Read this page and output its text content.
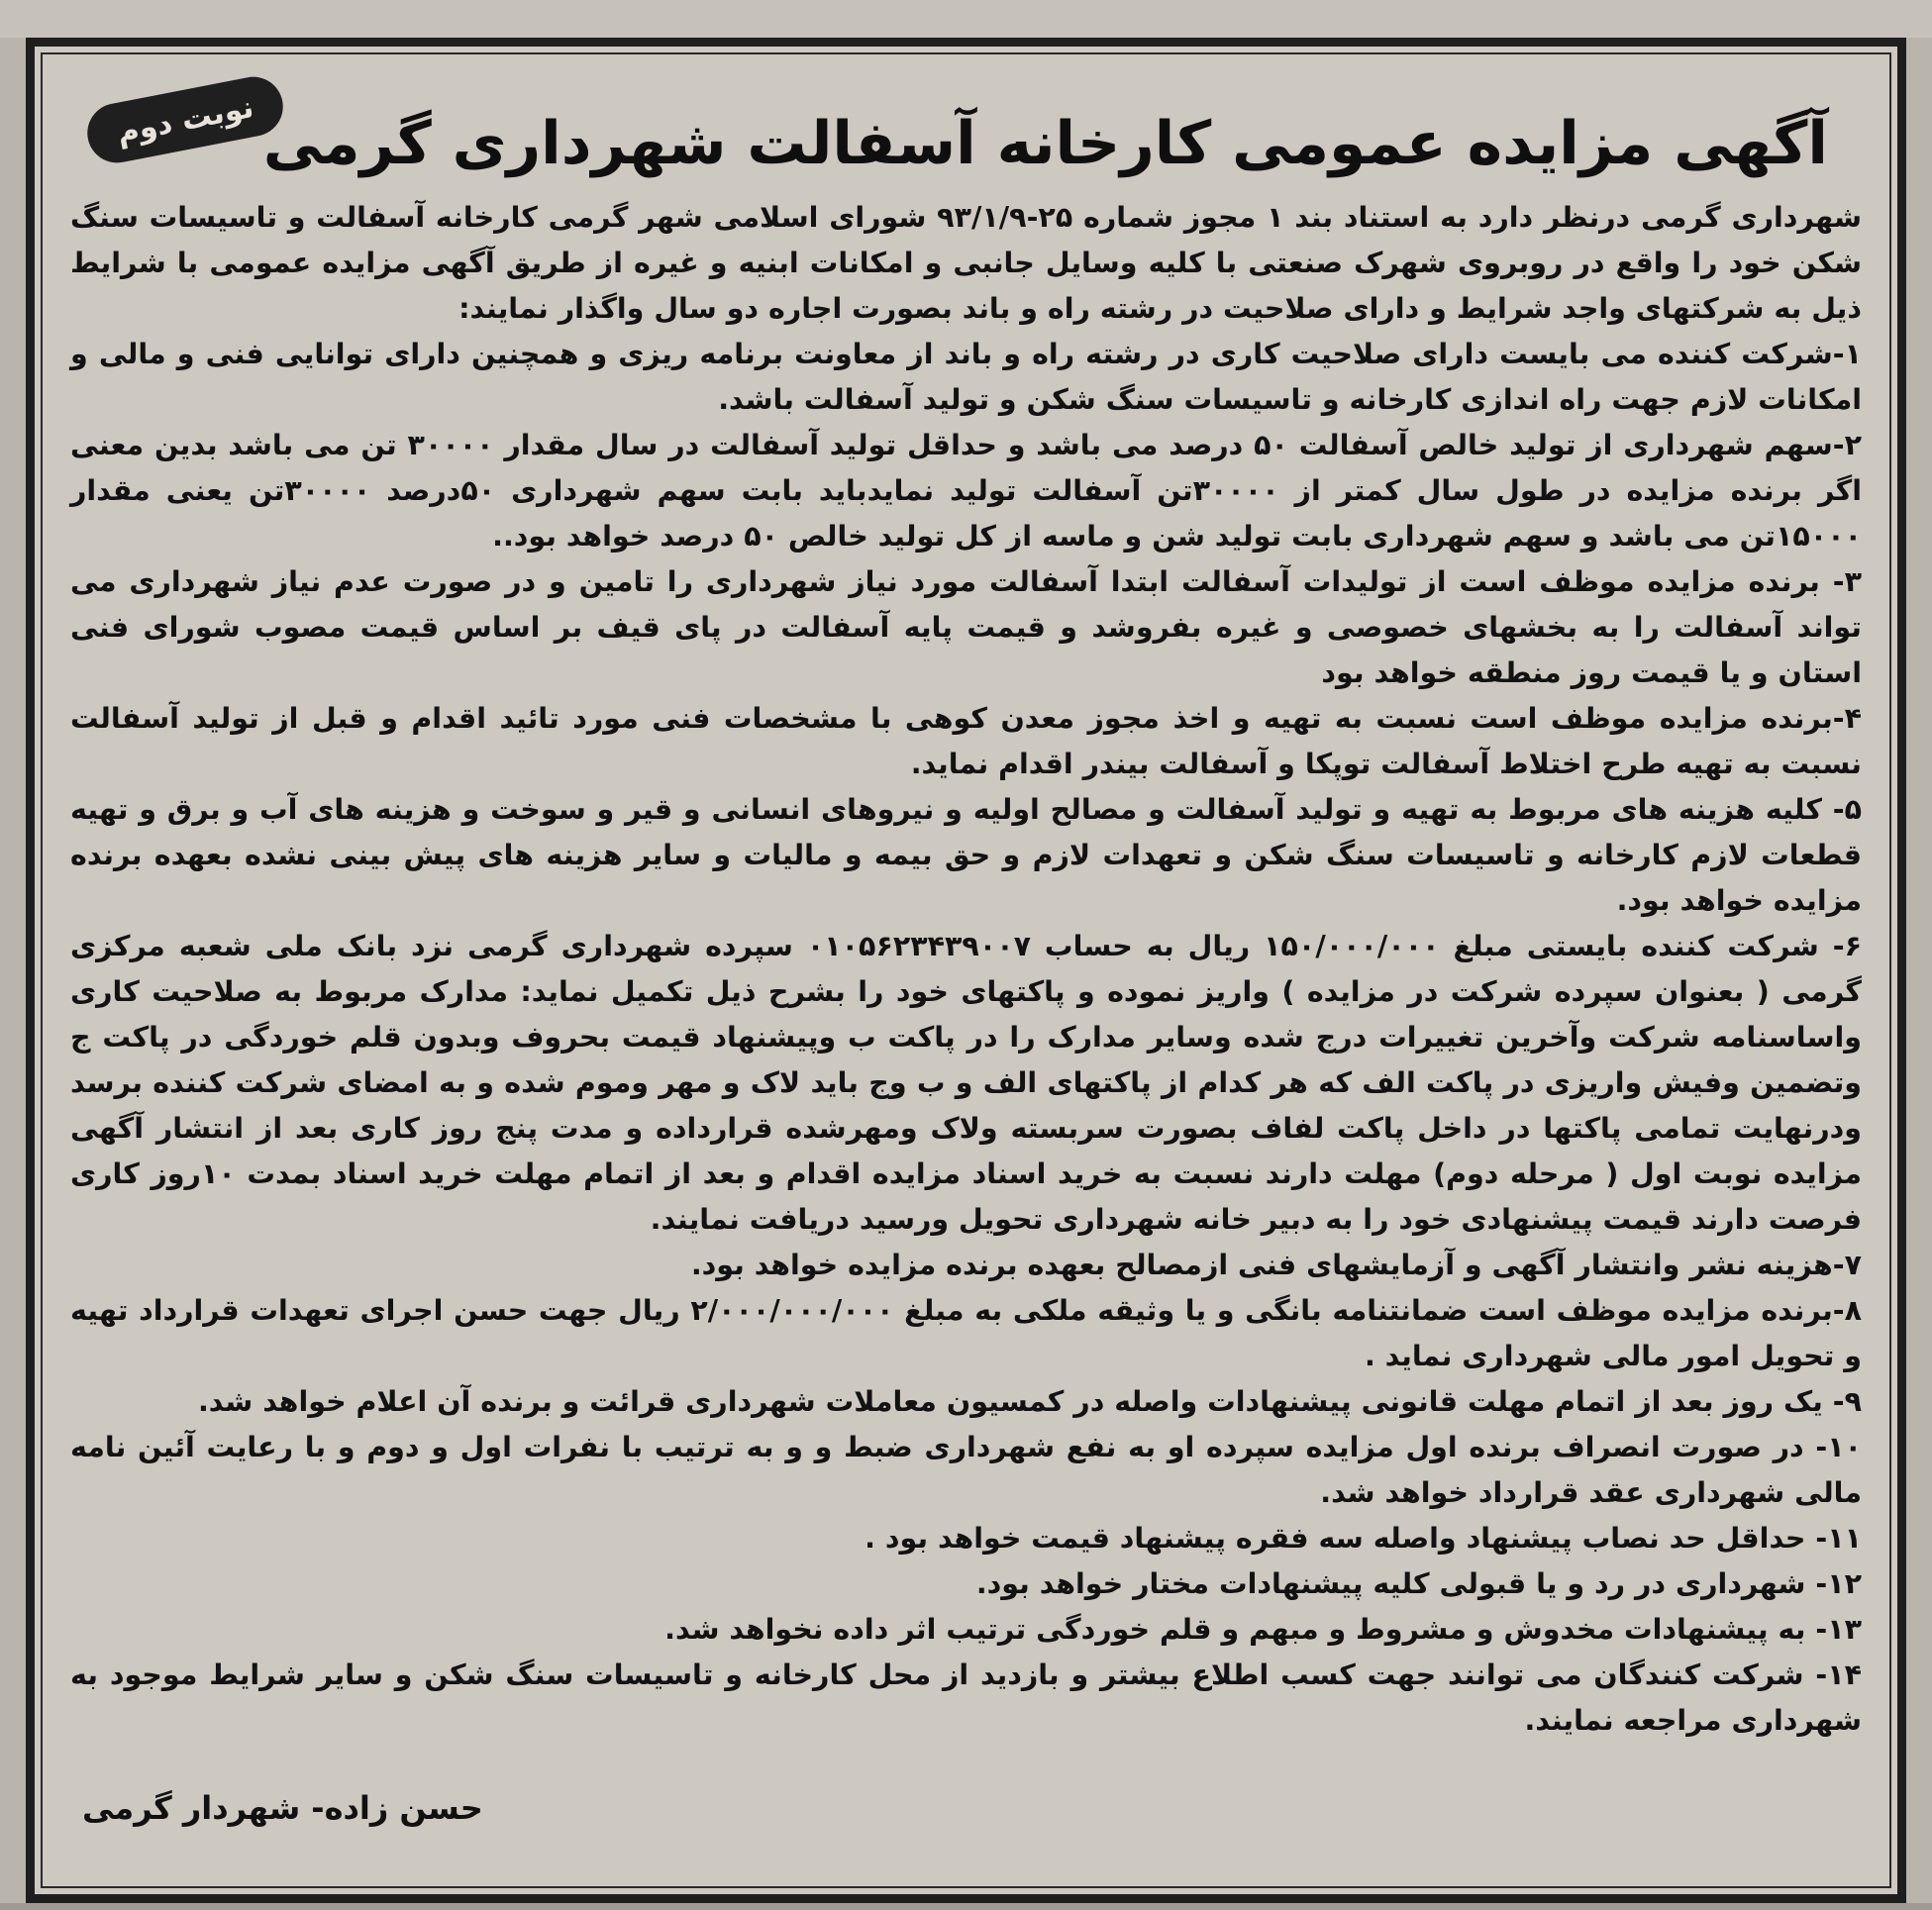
نوبت دوم آگهی مزایده عمومی کارخانه آسفالت شهرداری گرمی

شهرداری گرمی درنظر دارد به استناد بند ۱ مجوز شماره ۲۵-۹۳/۱/۹ شورای اسلامی شهر گرمی کارخانه آسفالت و تاسیسات سنگ شکن خود را واقع در روبروی شهرک صنعتی با کلیه وسایل جانبی و امکانات ابنیه و غیره از طریق آگهی مزایده عمومی با شرایط ذیل به شرکتهای واجد شرایط و دارای صلاحیت در رشته راه و باند بصورت اجاره دو سال واگذار نمایند:

۱-شرکت کننده می بایست دارای صلاحیت کاری در رشته راه و باند از معاونت برنامه ریزی و همچنین دارای توانایی فنی و مالی و امکانات لازم جهت راه اندازی کارخانه و تاسیسات سنگ شکن و تولید آسفالت باشد.

۲-سهم شهرداری از تولید خالص آسفالت ۵۰ درصد می باشد و حداقل تولید آسفالت در سال مقدار ۳۰۰۰۰ تن می باشد بدین معنی اگر برنده مزایده در طول سال کمتر از ۳۰۰۰۰تن آسفالت تولید نمایدباید بابت سهم شهرداری ۵۰درصد ۳۰۰۰۰تن یعنی مقدار ۱۵۰۰۰تن می باشد و سهم شهرداری بابت تولید شن و ماسه از کل تولید خالص ۵۰ درصد خواهد بود..

۳- برنده مزایده موظف است از تولیدات آسفالت ابتدا آسفالت مورد نیاز شهرداری را تامین و در صورت عدم نیاز شهرداری می تواند آسفالت را به بخشهای خصوصی و غیره بفروشد و قیمت پایه آسفالت در پای قیف بر اساس قیمت مصوب شورای فنی استان و یا قیمت روز منطقه خواهد بود

۴-برنده مزایده موظف است نسبت به تهیه و اخذ مجوز معدن کوهی با مشخصات فنی مورد تائید اقدام و قبل از تولید آسفالت نسبت به تهیه طرح اختلاط آسفالت توپکا و آسفالت بیندر اقدام نماید.

۵- کلیه هزینه های مربوط به تهیه و تولید آسفالت و مصالح اولیه و نیروهای انسانی و قیر و سوخت و هزینه های آب و برق و تهیه قطعات لازم کارخانه و تاسیسات سنگ شکن و تعهدات لازم و حق بیمه و مالیات و سایر هزینه های پیش بینی نشده بعهده برنده مزایده خواهد بود.

۶- شرکت کننده بایستی مبلغ ۱۵۰/۰۰۰/۰۰۰ ریال به حساب ۰۱۰۵۶۲۳۴۳۹۰۰۷ سپرده شهرداری گرمی نزد بانک ملی شعبه مرکزی گرمی ( بعنوان سپرده شرکت در مزایده ) واریز نموده و پاکتهای خود را بشرح ذیل تکمیل نماید: مدارک مربوط به صلاحیت کاری واساسنامه شرکت وآخرین تغییرات درج شده وسایر مدارک را در پاکت ب وپیشنهاد قیمت بحروف وبدون قلم خوردگی در پاکت ج وتضمین وفیش واریزی در پاکت الف که هر کدام از پاکتهای الف و ب وج باید لاک و مهر وموم شده و به امضای شرکت کننده برسد ودرنهایت تمامی پاکتها در داخل پاکت لفاف بصورت سربسته ولاک ومهرشده قرارداده و مدت پنج روز کاری بعد از انتشار آگهی مزایده نوبت اول ( مرحله دوم) مهلت دارند نسبت به خرید اسناد مزایده اقدام و بعد از اتمام مهلت خرید اسناد بمدت ۱۰روز کاری فرصت دارند قیمت پیشنهادی خود را به دبیر خانه شهرداری تحویل ورسید دریافت نمایند.

۷-هزینه نشر وانتشار آگهی و آزمایشهای فنی ازمصالح بعهده برنده مزایده خواهد بود.

۸-برنده مزایده موظف است ضمانتنامه بانگی و یا وثیقه ملکی به مبلغ ۲/۰۰۰/۰۰۰/۰۰۰ ریال جهت حسن اجرای تعهدات قرارداد تهیه و تحویل امور مالی شهرداری نماید .

۹- یک روز بعد از اتمام مهلت قانونی پیشنهادات واصله در کمسیون معاملات شهرداری قرائت و برنده آن اعلام خواهد شد.

۱۰- در صورت انصراف برنده اول مزایده سپرده او به نفع شهرداری ضبط و و به ترتیب با نفرات اول و دوم و با رعایت آئین نامه مالی شهرداری عقد قرارداد خواهد شد.

۱۱- حداقل حد نصاب پیشنهاد واصله سه فقره پیشنهاد قیمت خواهد بود .

۱۲- شهرداری در رد و یا قبولی کلیه پیشنهادات مختار خواهد بود.

۱۳- به پیشنهادات مخدوش و مشروط و مبهم و قلم خوردگی ترتیب اثر داده نخواهد شد.

۱۴- شرکت کنندگان می توانند جهت کسب اطلاع بیشتر و بازدید از محل کارخانه و تاسیسات سنگ شکن و سایر شرایط موجود به شهرداری مراجعه نمایند.

حسن زاده- شهردار گرمی
